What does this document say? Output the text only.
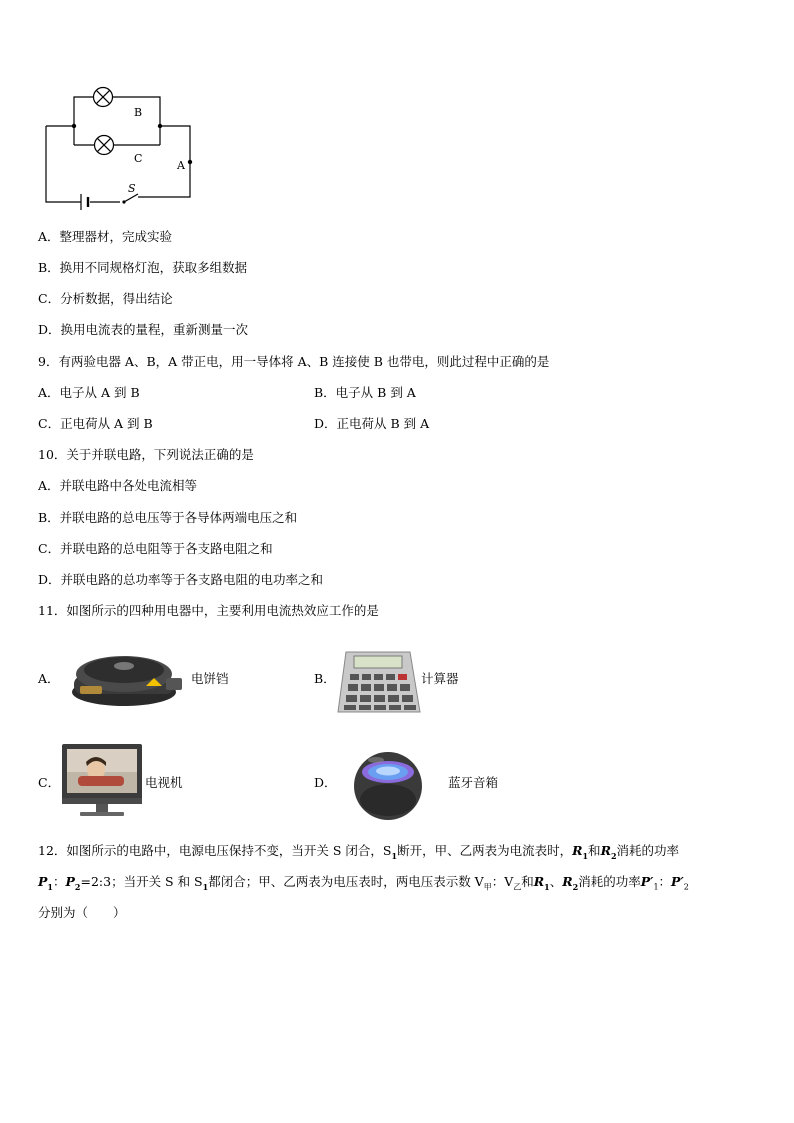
B
C
A
S
A．整理器材，完成实验
B．换用不同规格灯泡，获取多组数据
C．分析数据，得出结论
D．换用电流表的量程，重新测量一次
9．有两验电器 A、B，A 带正电，用一导体将 A、B 连接使 B 也带电，则此过程中正确的是
A．电子从 A 到 B	B．电子从 B 到 A
C．正电荷从 A 到 B	D．正电荷从 B 到 A
10．关于并联电路，下列说法正确的是
A．并联电路中各处电流相等
B．并联电路的总电压等于各导体两端电压之和
C．并联电路的总电阻等于各支路电阻之和
D．并联电路的总功率等于各支路电阻的电功率之和
11．如图所示的四种用电器中，主要利用电流热效应工作的是
A．	电饼铛	B．	计算器
C．	电视机	D．	蓝牙音箱
12．如图所示的电路中，电源电压保持不变，当开关 S 闭合，$S_1$断开，甲、乙两表为电流表时，$R_1$和$R_2$消耗的功率
$P_1$：$P_2=2:3$；当开关 S 和 $S_1$都闭合；甲、乙两表为电压表时，两电压表示数 $V_甲$：$V_乙$和$R_1$、$R_2$消耗的功率$P'_1$：$P'_2$
分别为（　　）
